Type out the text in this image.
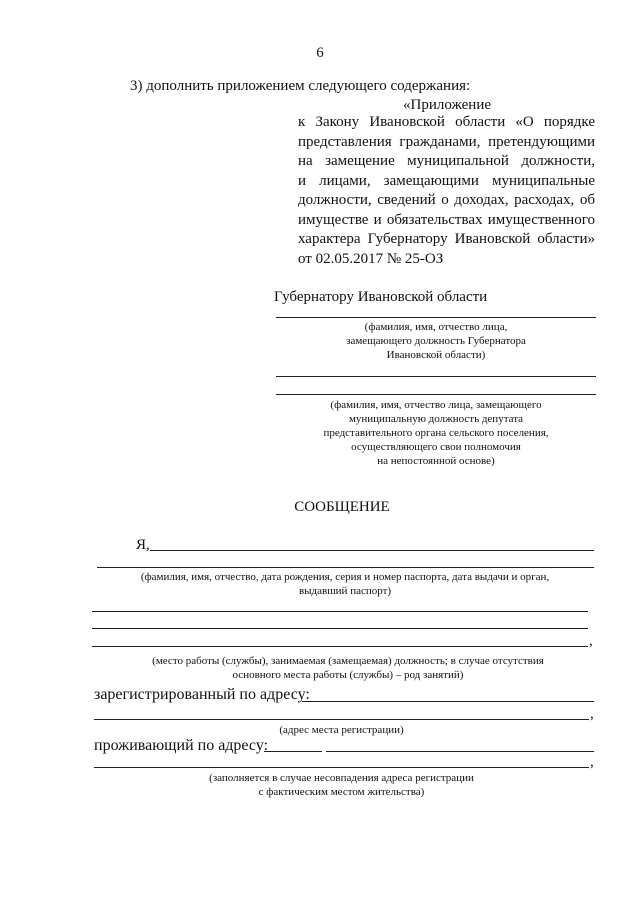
6
3) дополнить приложением следующего содержания:
«Приложение
к Закону Ивановской области «О порядке
представления гражданами, претендующими
на замещение муниципальной должности,
и лицами, замещающими муниципальные
должности, сведений о доходах, расходах, об
имуществе и обязательствах имущественного
характера Губернатору Ивановской области»
от 02.05.2017 № 25-ОЗ
Губернатору Ивановской области
(фамилия, имя, отчество лица,
замещающего должность Губернатора
Ивановской области)
(фамилия, имя, отчество лица, замещающего
муниципальную должность депутата
представительного органа сельского поселения,
осуществляющего свои полномочия
на непостоянной основе)
СООБЩЕНИЕ
Я,
(фамилия, имя, отчество, дата рождения, серия и номер паспорта, дата выдачи и орган,
выдавший паспорт)
,
(место работы (службы), занимаемая (замещаемая) должность; в случае отсутствия
основного места работы (службы) – род занятий)
зарегистрированный по адресу:
,
(адрес места регистрации)
проживающий по адресу:
,
(заполняется в случае несовпадения адреса регистрации
с фактическим местом жительства)
